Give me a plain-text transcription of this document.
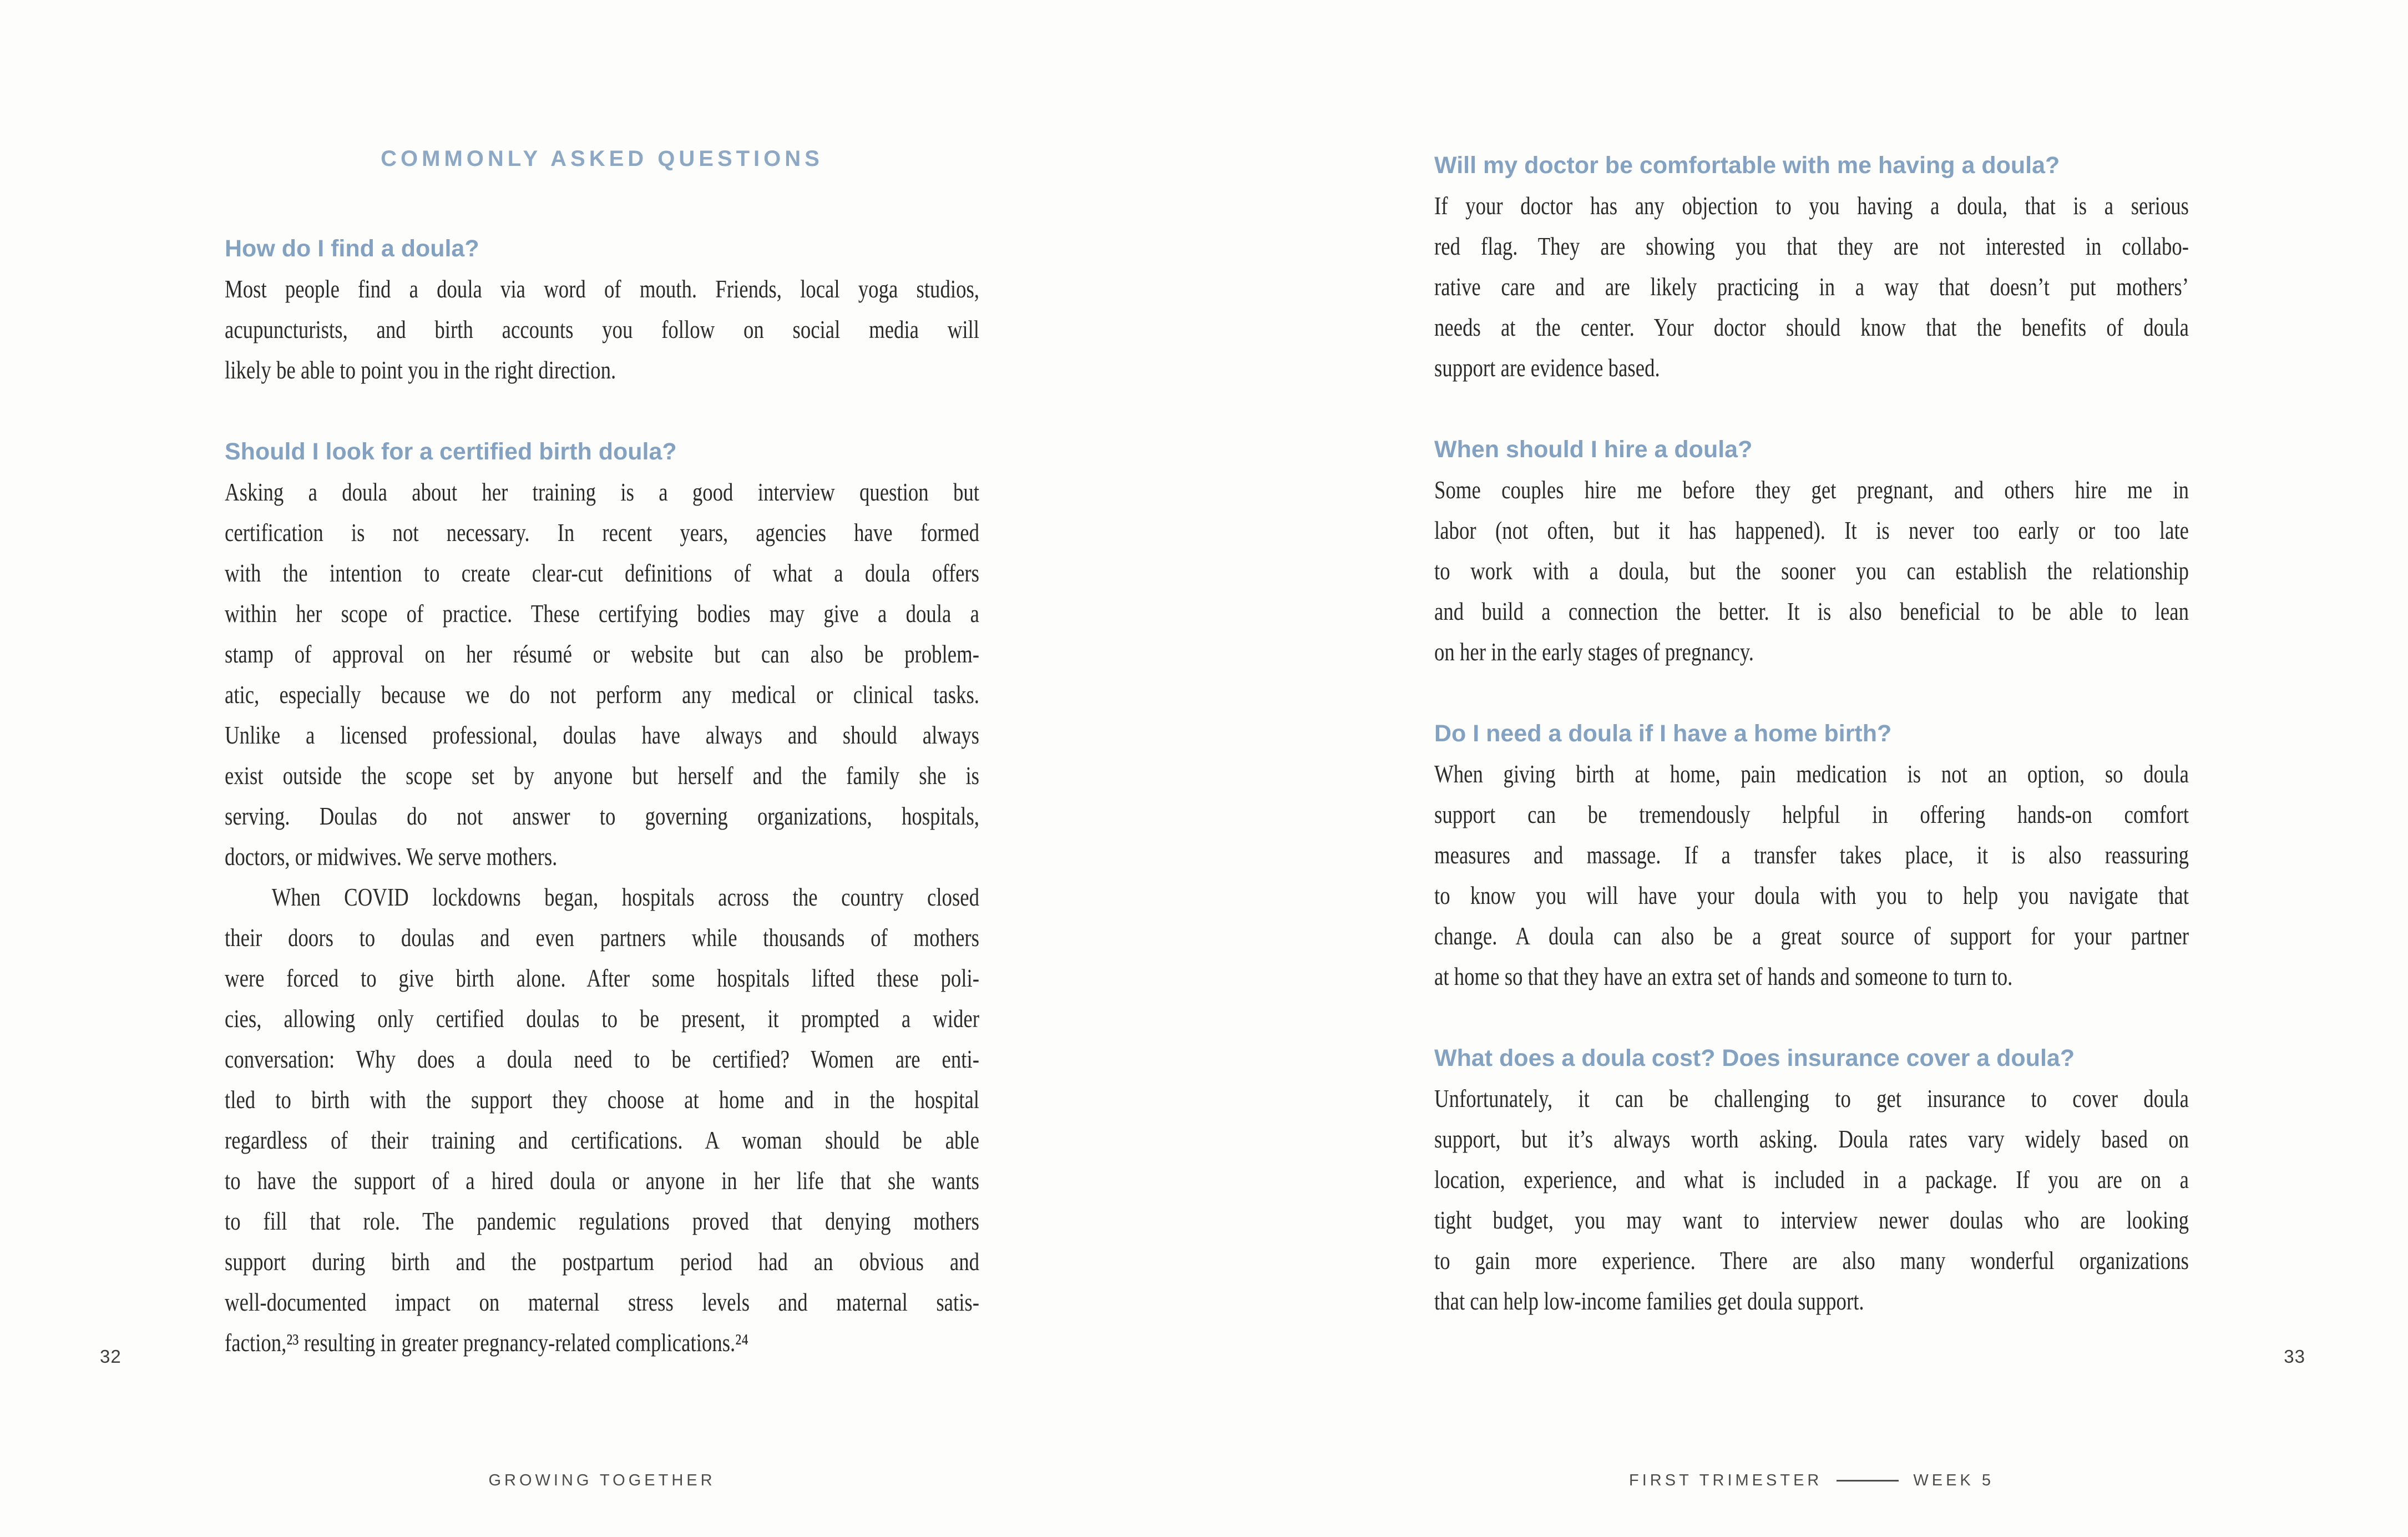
COMMONLY ASKED QUESTIONS
How do I find a doula?
Most people find a doula via word of mouth. Friends, local yoga studios,
acupuncturists, and birth accounts you follow on social media will
likely be able to point you in the right direction.
Should I look for a certified birth doula?
Asking a doula about her training is a good interview question but
certification is not necessary. In recent years, agencies have formed
with the intention to create clear-cut definitions of what a doula offers
within her scope of practice. These certifying bodies may give a doula a
stamp of approval on her résumé or website but can also be problem-
atic, especially because we do not perform any medical or clinical tasks.
Unlike a licensed professional, doulas have always and should always
exist outside the scope set by anyone but herself and the family she is
serving. Doulas do not answer to governing organizations, hospitals,
doctors, or midwives. We serve mothers.
When COVID lockdowns began, hospitals across the country closed
their doors to doulas and even partners while thousands of mothers
were forced to give birth alone. After some hospitals lifted these poli-
cies, allowing only certified doulas to be present, it prompted a wider
conversation: Why does a doula need to be certified? Women are enti-
tled to birth with the support they choose at home and in the hospital
regardless of their training and certifications. A woman should be able
to have the support of a hired doula or anyone in her life that she wants
to fill that role. The pandemic regulations proved that denying mothers
support during birth and the postpartum period had an obvious and
well-documented impact on maternal stress levels and maternal satis-
faction,²³ resulting in greater pregnancy-related complications.²⁴
32
GROWING TOGETHER
Will my doctor be comfortable with me having a doula?
If your doctor has any objection to you having a doula, that is a serious
red flag. They are showing you that they are not interested in collabo-
rative care and are likely practicing in a way that doesn’t put mothers’
needs at the center. Your doctor should know that the benefits of doula
support are evidence based.
When should I hire a doula?
Some couples hire me before they get pregnant, and others hire me in
labor (not often, but it has happened). It is never too early or too late
to work with a doula, but the sooner you can establish the relationship
and build a connection the better. It is also beneficial to be able to lean
on her in the early stages of pregnancy.
Do I need a doula if I have a home birth?
When giving birth at home, pain medication is not an option, so doula
support can be tremendously helpful in offering hands-on comfort
measures and massage. If a transfer takes place, it is also reassuring
to know you will have your doula with you to help you navigate that
change. A doula can also be a great source of support for your partner
at home so that they have an extra set of hands and someone to turn to.
What does a doula cost? Does insurance cover a doula?
Unfortunately, it can be challenging to get insurance to cover doula
support, but it’s always worth asking. Doula rates vary widely based on
location, experience, and what is included in a package. If you are on a
tight budget, you may want to interview newer doulas who are looking
to gain more experience. There are also many wonderful organizations
that can help low-income families get doula support.
33
FIRST TRIMESTER	WEEK 5
